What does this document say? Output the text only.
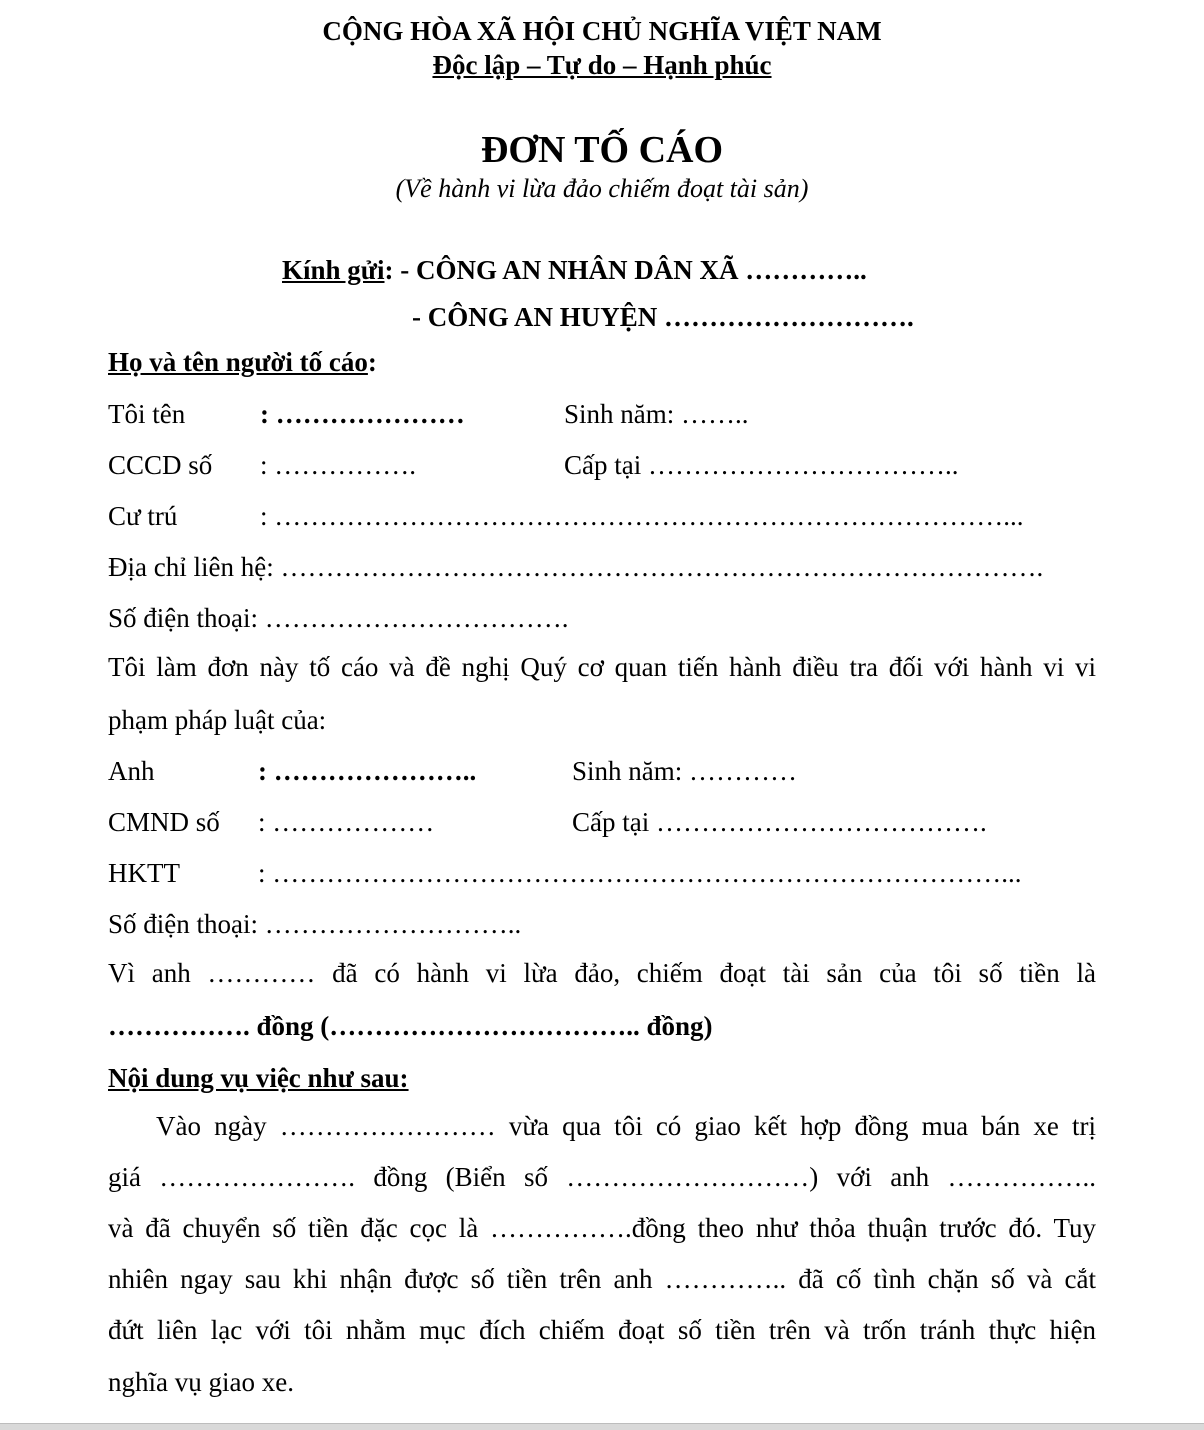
CỘNG HÒA XÃ HỘI CHỦ NGHĨA VIỆT NAM
Độc lập – Tự do – Hạnh phúc
ĐƠN TỐ CÁO
(Về hành vi lừa đảo chiếm đoạt tài sản)
Kính gửi: - CÔNG AN NHÂN DÂN XÃ …………..
- CÔNG AN HUYỆN ……………………….
Họ và tên người tố cáo:
Tôi tên	: …………………	Sinh năm: ……..
CCCD số : …………….	Cấp tại ……………………………..
Cư trú	: ………………………………………………………………………...
Địa chỉ liên hệ: ………………………………………………………………………….
Số điện thoại: …………………………….
Tôi làm đơn này tố cáo và đề nghị Quý cơ quan tiến hành điều tra đối với hành vi vi
phạm pháp luật của:
Anh	: …………………..	Sinh năm: …………
CMND số : ………………	Cấp tại ……………………………….
HKTT	: ………………………………………………………………………...
Số điện thoại: ………………………..
Vì anh ………… đã có hành vi lừa đảo, chiếm đoạt tài sản của tôi số tiền là
……………. đồng (…………………………….. đồng)
Nội dung vụ việc như sau:
Vào ngày …………………… vừa qua tôi có giao kết hợp đồng mua bán xe trị
giá …………………. đồng (Biển số ………………………) với anh ……………..
và đã chuyển số tiền đặc cọc là …………….đồng theo như thỏa thuận trước đó. Tuy
nhiên ngay sau khi nhận được số tiền trên anh ………….. đã cố tình chặn số và cắt
đứt liên lạc với tôi nhằm mục đích chiếm đoạt số tiền trên và trốn tránh thực hiện
nghĩa vụ giao xe.
